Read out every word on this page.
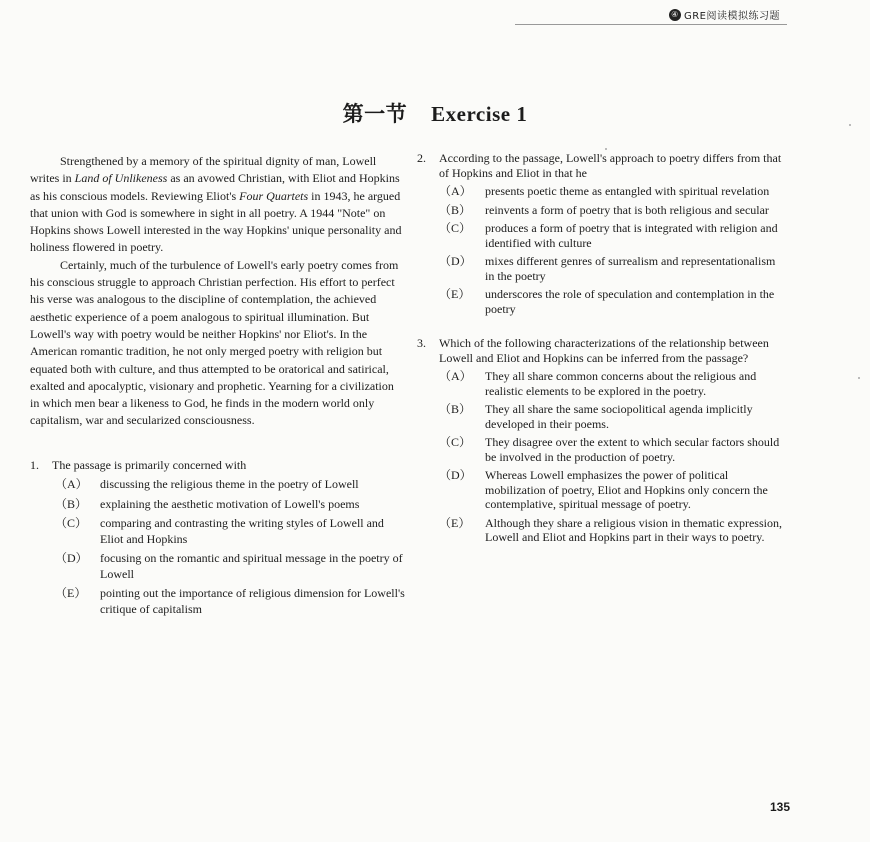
④ GRE阅读模拟练习题
第一节 Exercise 1

Strengthened by a memory of the spiritual dignity of man, Lowell writes in Land of Unlikeness as an avowed Christian, with Eliot and Hopkins as his conscious models. Reviewing Eliot's Four Quartets in 1943, he argued that union with God is somewhere in sight in all poetry. A 1944 "Note" on Hopkins shows Lowell interested in the way Hopkins' unique personality and holiness flowered in poetry.

Certainly, much of the turbulence of Lowell's early poetry comes from his conscious struggle to approach Christian perfection. His effort to perfect his verse was analogous to the discipline of contemplation, the achieved aesthetic experience of a poem analogous to spiritual illumination. But Lowell's way with poetry would be neither Hopkins' nor Eliot's. In the American romantic tradition, he not only merged poetry with religion but equated both with culture, and thus attempted to be oratorical and satirical, exalted and apocalyptic, visionary and prophetic. Yearning for a civilization in which men bear a likeness to God, he finds in the modern world only capitalism, war and secularized consciousness.

1.	The passage is primarily concerned with
（A）	discussing the religious theme in the poetry of Lowell
（B）	explaining the aesthetic motivation of Lowell's poems
（C）	comparing and contrasting the writing styles of Lowell and Eliot and Hopkins
（D）	focusing on the romantic and spiritual message in the poetry of Lowell
（E）	pointing out the importance of religious dimension for Lowell's critique of capitalism
2.	According to the passage, Lowell's approach to poetry differs from that of Hopkins and Eliot in that he
（A）	presents poetic theme as entangled with spiritual revelation
（B）	reinvents a form of poetry that is both religious and secular
（C）	produces a form of poetry that is integrated with religion and identified with culture
（D）	mixes different genres of surrealism and representationalism in the poetry
（E）	underscores the role of speculation and contemplation in the poetry
3.	Which of the following characterizations of the relationship between Lowell and Eliot and Hopkins can be inferred from the passage?
（A）	They all share common concerns about the religious and realistic elements to be explored in the poetry.
（B）	They all share the same sociopolitical agenda implicitly developed in their poems.
（C）	They disagree over the extent to which secular factors should be involved in the production of poetry.
（D）	Whereas Lowell emphasizes the power of political mobilization of poetry, Eliot and Hopkins only concern the contemplative, spiritual message of poetry.
（E）	Although they share a religious vision in thematic expression, Lowell and Eliot and Hopkins part in their ways to poetry.
135
